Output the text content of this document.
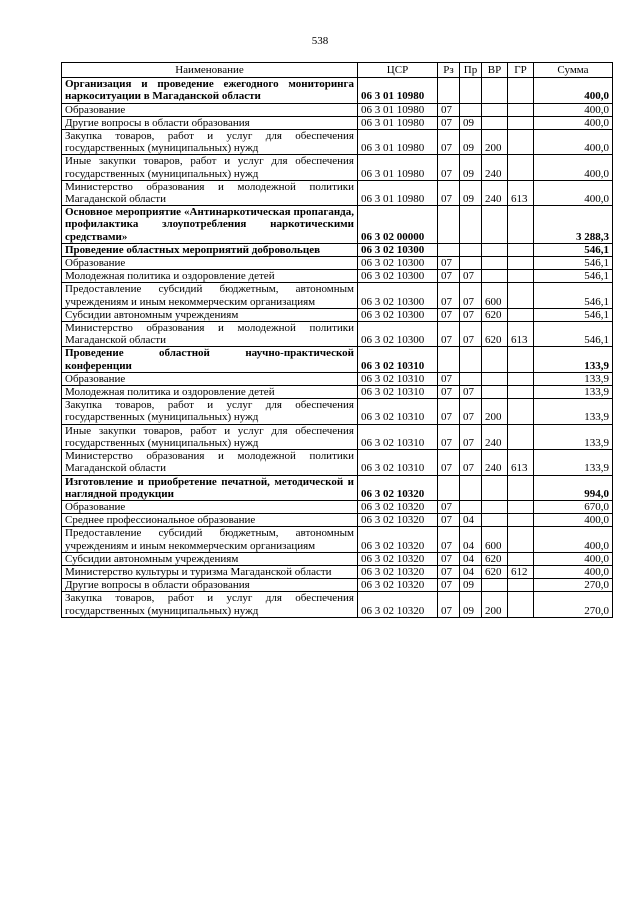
538
Наименование	ЦСР	Рз	Пр	ВР	ГР	Сумма
Организация и проведение ежегодного мониторинга наркоситуации в Магаданской области	06 3 01 10980					400,0
Образование	06 3 01 10980	07				400,0
Другие вопросы в области образования	06 3 01 10980	07	09			400,0
Закупка товаров, работ и услуг для обеспечения государственных (муниципальных) нужд	06 3 01 10980	07	09	200		400,0
Иные закупки товаров, работ и услуг для обеспечения государственных (муниципальных) нужд	06 3 01 10980	07	09	240		400,0
Министерство образования и молодежной политики Магаданской области	06 3 01 10980	07	09	240	613	400,0
Основное мероприятие «Антинаркотическая пропаганда, профилактика злоупотребления наркотическими средствами»	06 3 02 00000					3 288,3
Проведение областных мероприятий добровольцев	06 3 02 10300					546,1
Образование	06 3 02 10300	07				546,1
Молодежная политика и оздоровление детей	06 3 02 10300	07	07			546,1
Предоставление субсидий бюджетным, автономным учреждениям и иным некоммерческим организациям	06 3 02 10300	07	07	600		546,1
Субсидии автономным учреждениям	06 3 02 10300	07	07	620		546,1
Министерство образования и молодежной политики Магаданской области	06 3 02 10300	07	07	620	613	546,1
Проведение областной научно-практической конференции	06 3 02 10310					133,9
Образование	06 3 02 10310	07				133,9
Молодежная политика и оздоровление детей	06 3 02 10310	07	07			133,9
Закупка товаров, работ и услуг для обеспечения государственных (муниципальных) нужд	06 3 02 10310	07	07	200		133,9
Иные закупки товаров, работ и услуг для обеспечения государственных (муниципальных) нужд	06 3 02 10310	07	07	240		133,9
Министерство образования и молодежной политики Магаданской области	06 3 02 10310	07	07	240	613	133,9
Изготовление и приобретение печатной, методической и наглядной продукции	06 3 02 10320					994,0
Образование	06 3 02 10320	07				670,0
Среднее профессиональное образование	06 3 02 10320	07	04			400,0
Предоставление субсидий бюджетным, автономным учреждениям и иным некоммерческим организациям	06 3 02 10320	07	04	600		400,0
Субсидии автономным учреждениям	06 3 02 10320	07	04	620		400,0
Министерство культуры и туризма Магаданской области	06 3 02 10320	07	04	620	612	400,0
Другие вопросы в области образования	06 3 02 10320	07	09			270,0
Закупка товаров, работ и услуг для обеспечения государственных (муниципальных) нужд	06 3 02 10320	07	09	200		270,0
